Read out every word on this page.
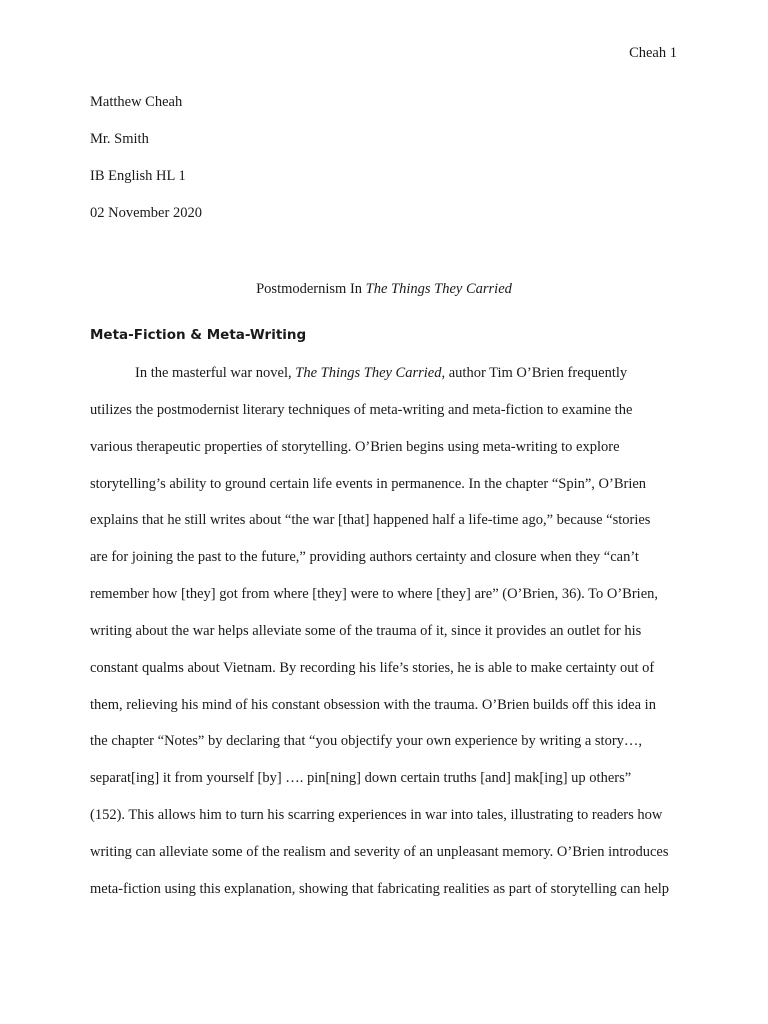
Cheah 1
Matthew Cheah
Mr. Smith
IB English HL 1
02 November 2020
Postmodernism In The Things They Carried
Meta-Fiction & Meta-Writing
In the masterful war novel, The Things They Carried, author Tim O’Brien frequently
utilizes the postmodernist literary techniques of meta-writing and meta-fiction to examine the
various therapeutic properties of storytelling. O’Brien begins using meta-writing to explore
storytelling’s ability to ground certain life events in permanence. In the chapter “Spin”, O’Brien
explains that he still writes about “the war [that] happened half a life-time ago,” because “stories
are for joining the past to the future,” providing authors certainty and closure when they “can’t
remember how [they] got from where [they] were to where [they] are” (O’Brien, 36). To O’Brien,
writing about the war helps alleviate some of the trauma of it, since it provides an outlet for his
constant qualms about Vietnam. By recording his life’s stories, he is able to make certainty out of
them, relieving his mind of his constant obsession with the trauma. O’Brien builds off this idea in
the chapter “Notes” by declaring that “you objectify your own experience by writing a story…,
separat[ing] it from yourself [by] …. pin[ning] down certain truths [and] mak[ing] up others”
(152). This allows him to turn his scarring experiences in war into tales, illustrating to readers how
writing can alleviate some of the realism and severity of an unpleasant memory. O’Brien introduces
meta-fiction using this explanation, showing that fabricating realities as part of storytelling can help
